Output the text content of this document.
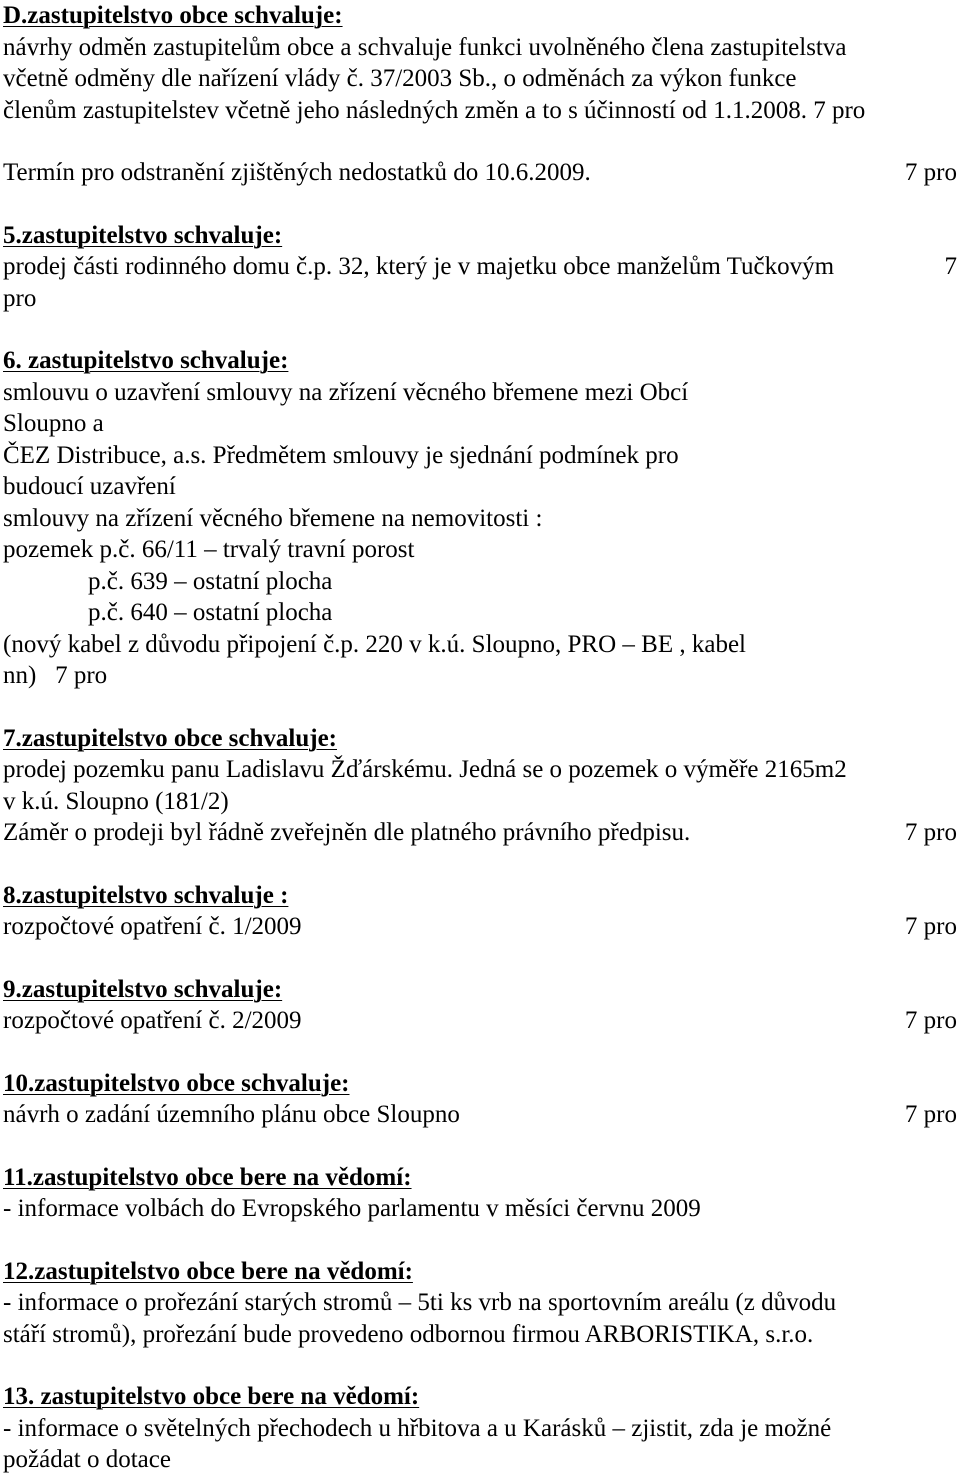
D.zastupitelstvo obce schvaluje:
návrhy odměn zastupitelům obce a schvaluje funkci uvolněného člena zastupitelstva
včetně odměny dle nařízení vlády č. 37/2003 Sb., o odměnách za výkon funkce
členům zastupitelstev včetně jeho následných změn a to s účinností od 1.1.2008. 7 pro
Termín pro odstranění zjištěných nedostatků do 10.6.2009.	7 pro
5.zastupitelstvo schvaluje:
prodej části rodinného domu č.p. 32, který je v majetku obce manželům Tučkovým	7
pro
6. zastupitelstvo schvaluje:
smlouvu o uzavření smlouvy na zřízení věcného břemene mezi Obcí
Sloupno a
ČEZ Distribuce, a.s. Předmětem smlouvy je sjednání podmínek pro
budoucí uzavření
smlouvy na zřízení věcného břemene na nemovitosti :
pozemek p.č. 66/11 – trvalý travní porost
p.č. 639 – ostatní plocha
p.č. 640 – ostatní plocha
(nový kabel z důvodu připojení č.p. 220 v k.ú. Sloupno, PRO – BE , kabel
nn)   7 pro
7.zastupitelstvo obce schvaluje:
prodej pozemku panu Ladislavu Žďárskému. Jedná se o pozemek o výměře 2165m2
v k.ú. Sloupno (181/2)
Záměr o prodeji byl řádně zveřejněn dle platného právního předpisu.	7 pro
8.zastupitelstvo schvaluje :
rozpočtové opatření č. 1/2009	7 pro
9.zastupitelstvo schvaluje:
rozpočtové opatření č. 2/2009	7 pro
10.zastupitelstvo obce schvaluje:
návrh o zadání územního plánu obce Sloupno	7 pro
11.zastupitelstvo obce bere na vědomí:
- informace volbách do Evropského parlamentu v měsíci červnu 2009
12.zastupitelstvo obce bere na vědomí:
- informace o prořezání starých stromů – 5ti ks vrb na sportovním areálu (z důvodu
stáří stromů), prořezání bude provedeno odbornou firmou ARBORISTIKA, s.r.o.
13. zastupitelstvo obce bere na vědomí:
- informace o světelných přechodech u hřbitova a u Karásků – zjistit, zda je možné
požádat o dotace
